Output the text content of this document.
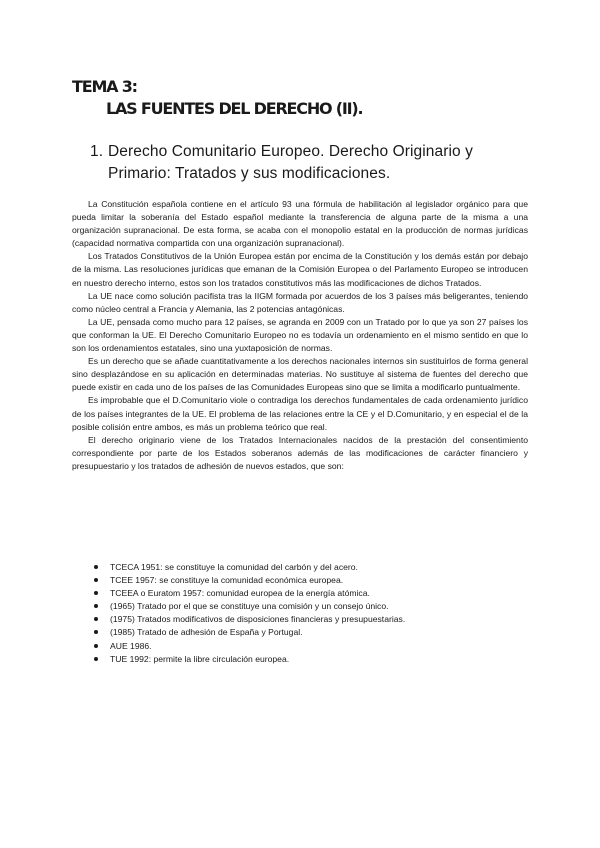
TEMA 3:
LAS FUENTES DEL DERECHO (II).
1. Derecho Comunitario Europeo. Derecho Originario y Primario: Tratados y sus modificaciones.

La Constitución española contiene en el artículo 93 una fórmula de habilitación al legislador orgánico para que pueda limitar la soberanía del Estado español mediante la transferencia de alguna parte de la misma a una organización supranacional. De esta forma, se acaba con el monopolio estatal en la producción de normas jurídicas (capacidad normativa compartida con una organización supranacional).

Los Tratados Constitutivos de la Unión Europea están por encima de la Constitución y los demás están por debajo de la misma. Las resoluciones jurídicas que emanan de la Comisión Europea o del Parlamento Europeo se introducen en nuestro derecho interno, estos son los tratados constitutivos más las modificaciones de dichos Tratados.

La UE nace como solución pacifista tras la IIGM formada por acuerdos de los 3 países más beligerantes, teniendo como núcleo central a Francia y Alemania, las 2 potencias antagónicas.

La UE, pensada como mucho para 12 países, se agranda en 2009 con un Tratado por lo que ya son 27 países los que conforman la UE. El Derecho Comunitario Europeo no es todavía un ordenamiento en el mismo sentido en que lo son los ordenamientos estatales, sino una yuxtaposición de normas.

Es un derecho que se añade cuantitativamente a los derechos nacionales internos sin sustituirlos de forma general sino desplazándose en su aplicación en determinadas materias. No sustituye al sistema de fuentes del derecho que puede existir en cada uno de los países de las Comunidades Europeas sino que se limita a modificarlo puntualmente.

Es improbable que el D.Comunitario viole o contradiga los derechos fundamentales de cada ordenamiento jurídico de los países integrantes de la UE. El problema de las relaciones entre la CE y el D.Comunitario, y en especial el de la posible colisión entre ambos, es más un problema teórico que real.

El derecho originario viene de los Tratados Internacionales nacidos de la prestación del consentimiento correspondiente por parte de los Estados soberanos además de las modificaciones de carácter financiero y presupuestario y los tratados de adhesión de nuevos estados, que son:

TCECA 1951: se constituye la comunidad del carbón y del acero.
TCEE 1957: se constituye la comunidad económica europea.
TCEEA o Euratom 1957: comunidad europea de la energía atómica.
(1965) Tratado por el que se constituye una comisión y un consejo único.
(1975) Tratados modificativos de disposiciones financieras y presupuestarias.
(1985) Tratado de adhesión de España y Portugal.
AUE 1986.
TUE 1992: permite la libre circulación europea.
